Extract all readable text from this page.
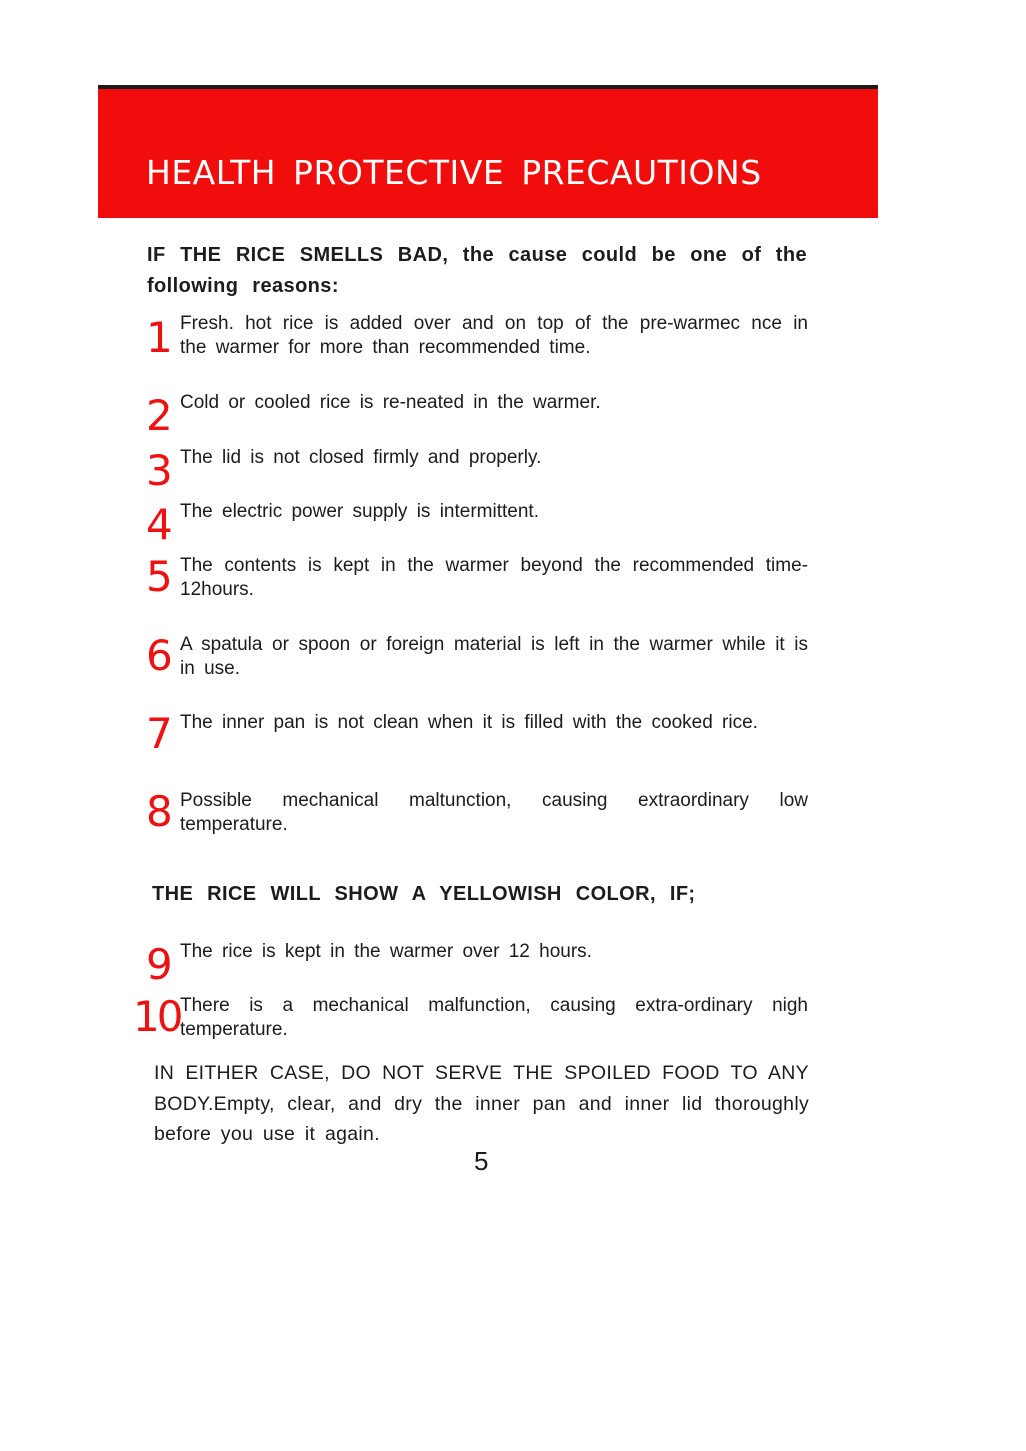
HEALTH PROTECTIVE PRECAUTIONS

IF THE RICE SMELLS BAD, the cause could be one of the following reasons:

1 Fresh. hot rice is added over and on top of the pre-warmec nce in the warmer for more than recommended time.
2 Cold or cooled rice is re-neated in the warmer.
3 The lid is not closed firmly and properly.
4 The electric power supply is intermittent.
5 The contents is kept in the warmer beyond the recommended time-12hours.
6 A spatula or spoon or foreign material is left in the warmer while it is in use.
7 The inner pan is not clean when it is filled with the cooked rice.
8 Possible mechanical maltunction, causing extraordinary low temperature.

THE RICE WILL SHOW A YELLOWISH COLOR, IF;

9 The rice is kept in the warmer over 12 hours.
10 There is a mechanical malfunction, causing extra-ordinary nigh temperature.

IN EITHER CASE, DO NOT SERVE THE SPOILED FOOD TO ANY BODY.Empty, clear, and dry the inner pan and inner lid thoroughly before you use it again.

5
